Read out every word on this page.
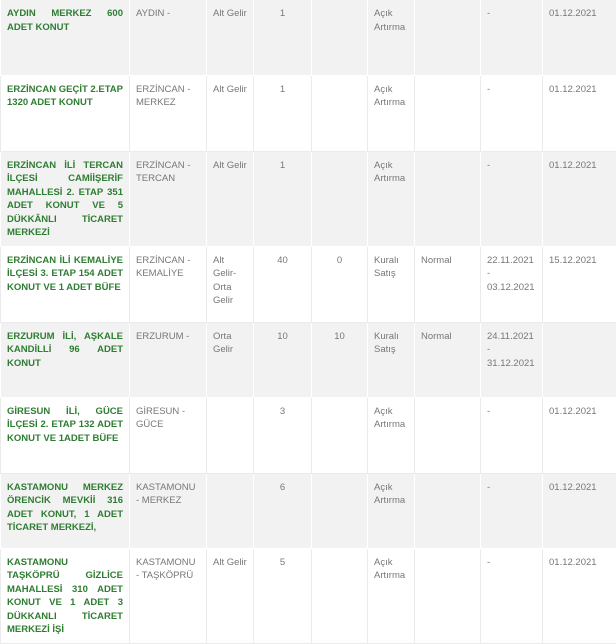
AYDIN MERKEZ 600 ADET KONUT	AYDIN -	Alt Gelir	1		Açık Artırma		-	01.12.2021

ERZİNCAN GEÇİT 2.ETAP 1320 ADET KONUT	ERZİNCAN - MERKEZ	Alt Gelir	1		Açık Artırma		-	01.12.2021

ERZİNCAN İLİ TERCAN İLÇESİ CAMİİŞERİF MAHALLESİ 2. ETAP 351 ADET KONUT VE 5 DÜKKÂNLI TİCARET MERKEZİ	ERZİNCAN - TERCAN	Alt Gelir	1		Açık Artırma		-	01.12.2021

ERZİNCAN İLİ KEMALİYE İLÇESİ 3. ETAP 154 ADET KONUT VE 1 ADET BÜFE	ERZİNCAN - KEMALİYE	Alt Gelir-Orta Gelir	40	0	Kuralı Satış	Normal	22.11.2021 - 03.12.2021	15.12.2021

ERZURUM İLİ, AŞKALE KANDİLLİ 96 ADET KONUT	ERZURUM -	Orta Gelir	10	10	Kuralı Satış	Normal	24.11.2021 - 31.12.2021	

GİRESUN İLİ, GÜCE İLÇESİ 2. ETAP 132 ADET KONUT VE 1ADET BÜFE	GİRESUN - GÜCE		3		Açık Artırma		-	01.12.2021

KASTAMONU MERKEZ ÖRENCİK MEVKİİ 316 ADET KONUT, 1 ADET TİCARET MERKEZİ,	KASTAMONU - MERKEZ		6		Açık Artırma		-	01.12.2021

KASTAMONU TAŞKÖPRÜ GİZLİCE MAHALLESİ 310 ADET KONUT VE 1 ADET 3 DÜKKANLI TİCARET MERKEZİ İŞİ	KASTAMONU - TAŞKÖPRÜ	Alt Gelir	5		Açık Artırma		-	01.12.2021
